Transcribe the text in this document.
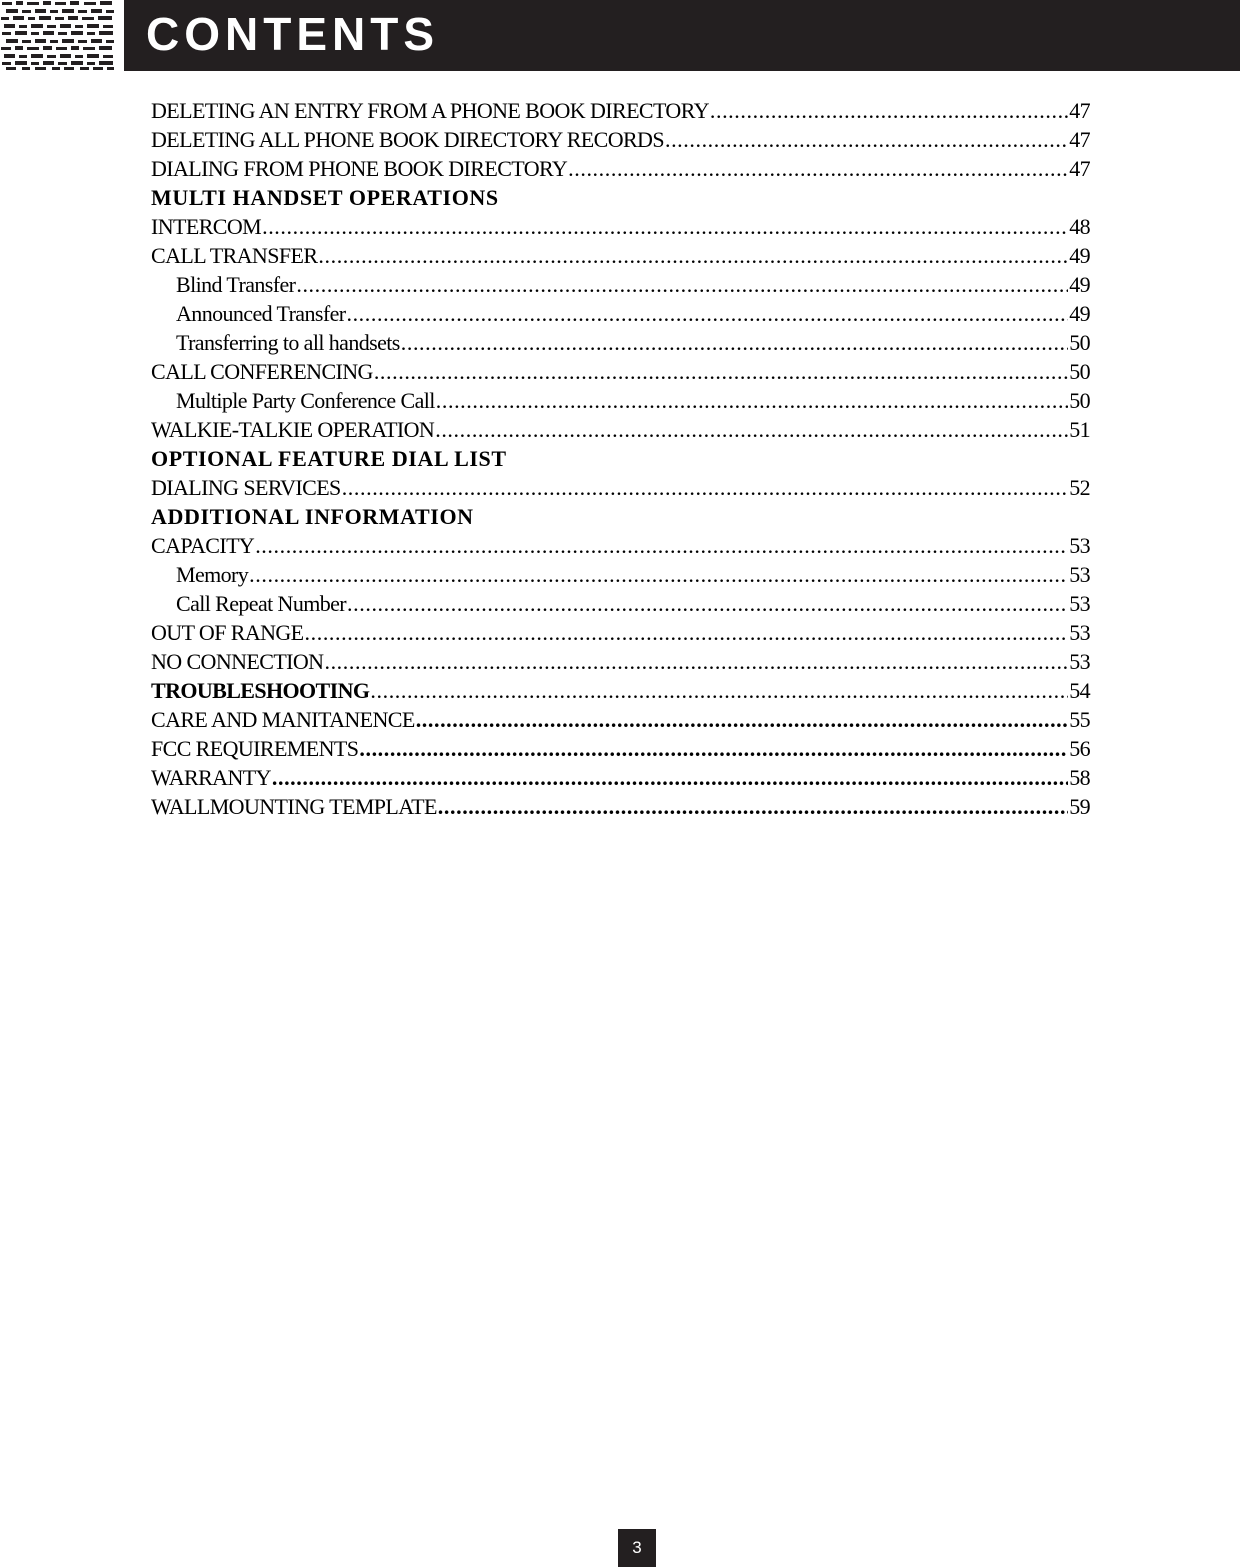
CONTENTS
DELETING AN ENTRY FROM A PHONE BOOK DIRECTORY .....	47
DELETING ALL PHONE BOOK DIRECTORY RECORDS .....	47
DIALING FROM PHONE BOOK DIRECTORY .....	47
MULTI HANDSET OPERATIONS
INTERCOM .....	48
CALL TRANSFER .....	49
Blind Transfer .....	49
Announced Transfer .....	49
Transferring to all handsets .....	50
CALL CONFERENCING .....	50
Multiple Party Conference Call .....	50
WALKIE-TALKIE OPERATION .....	51
OPTIONAL FEATURE DIAL LIST
DIALING SERVICES .....	52
ADDITIONAL INFORMATION
CAPACITY .....	53
Memory .....	53
Call Repeat Number .....	53
OUT OF RANGE .....	53
NO CONNECTION .....	53
TROUBLESHOOTING .....	54
CARE AND MANITANENCE .....	55
FCC REQUIREMENTS .....	56
WARRANTY .....	58
WALLMOUNTING TEMPLATE .....	59
3
